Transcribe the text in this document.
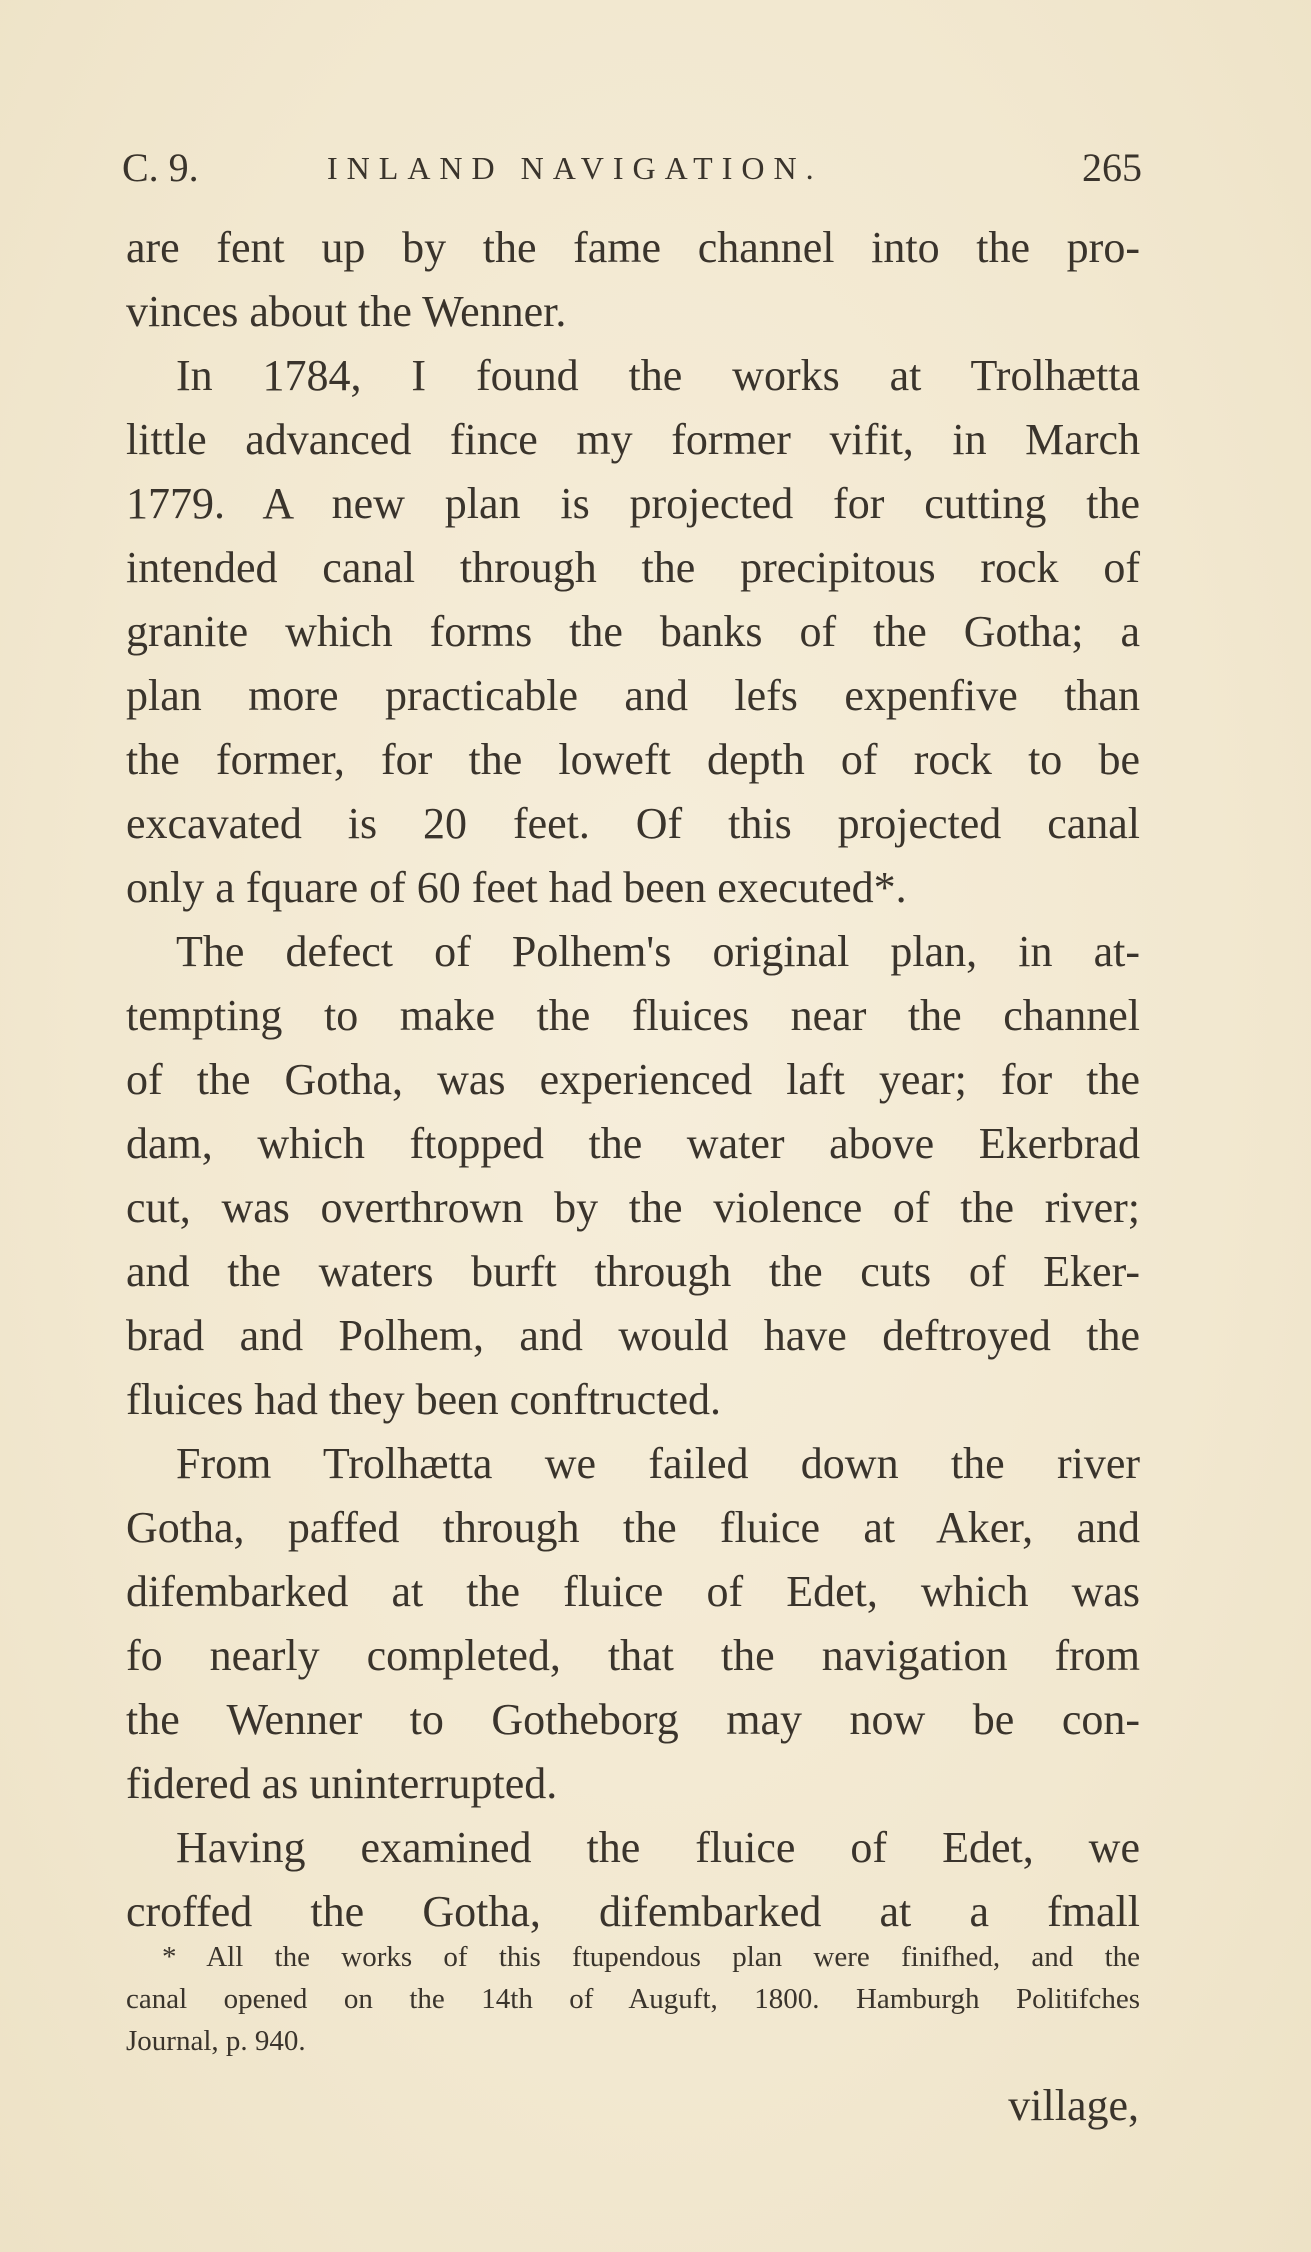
C. 9.	INLAND NAVIGATION.	265
are fent up by the fame channel into the pro-
vinces about the Wenner.
In 1784, I found the works at Trolhætta
little advanced fince my former vifit, in March
1779. A new plan is projected for cutting the
intended canal through the precipitous rock of
granite which forms the banks of the Gotha; a
plan more practicable and lefs expenfive than
the former, for the loweft depth of rock to be
excavated is 20 feet. Of this projected canal
only a fquare of 60 feet had been executed*.
The defect of Polhem's original plan, in at-
tempting to make the fluices near the channel
of the Gotha, was experienced laft year; for the
dam, which ftopped the water above Ekerbrad
cut, was overthrown by the violence of the river;
and the waters burft through the cuts of Eker-
brad and Polhem, and would have deftroyed the
fluices had they been conftructed.
From Trolhætta we failed down the river
Gotha, paffed through the fluice at Aker, and
difembarked at the fluice of Edet, which was
fo nearly completed, that the navigation from
the Wenner to Gotheborg may now be con-
fidered as uninterrupted.
Having examined the fluice of Edet, we
croffed the Gotha, difembarked at a fmall
* All the works of this ftupendous plan were finifhed, and the
canal opened on the 14th of Auguft, 1800. Hamburgh Politifches
Journal, p. 940.
village,
